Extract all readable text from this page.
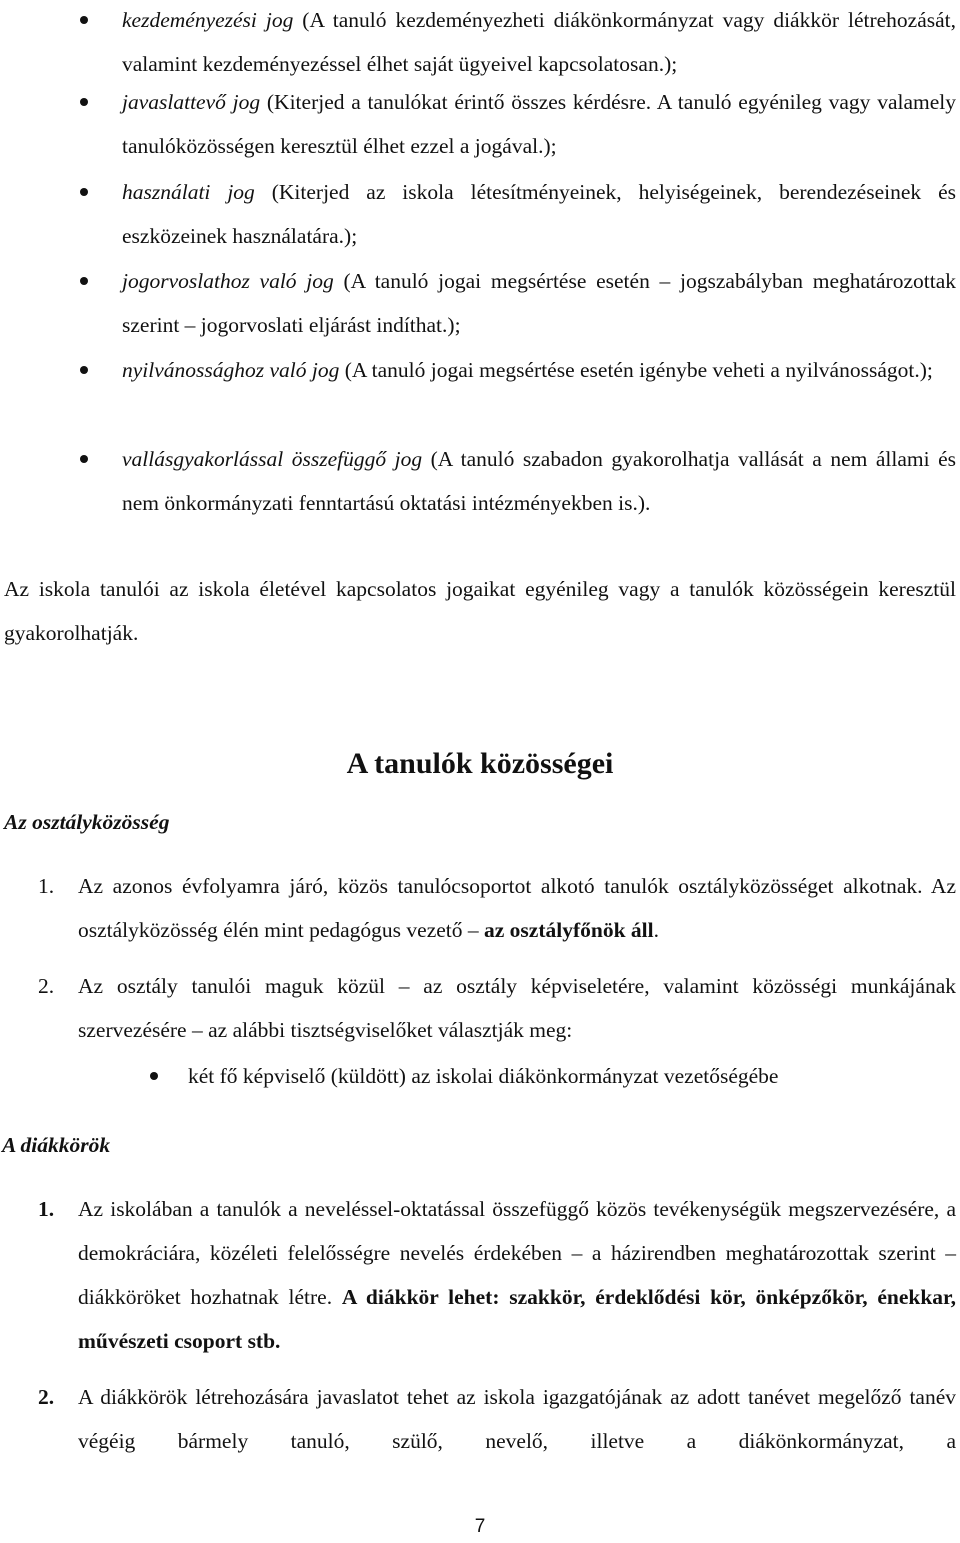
kezdeményezési jog (A tanuló kezdeményezheti diákönkormányzat vagy diákkör létrehozását, valamint kezdeményezéssel élhet saját ügyeivel kapcsolatosan.);
javaslattevő jog (Kiterjed a tanulókat érintő összes kérdésre. A tanuló egyénileg vagy valamely tanulóközösségen keresztül élhet ezzel a jogával.);
használati jog (Kiterjed az iskola létesítményeinek, helyiségeinek, berendezéseinek és eszközeinek használatára.);
jogorvoslathoz való jog (A tanuló jogai megsértése esetén – jogszabályban meghatározottak szerint – jogorvoslati eljárást indíthat.);
nyilvánossághoz való jog (A tanuló jogai megsértése esetén igénybe veheti a nyilvánosságot.);
vallásgyakorlással összefüggő jog (A tanuló szabadon gyakorolhatja vallását a nem állami és nem önkormányzati fenntartású oktatási intézményekben is.).
Az iskola tanulói az iskola életével kapcsolatos jogaikat egyénileg vagy a tanulók közösségein keresztül gyakorolhatják.
A tanulók közösségei
Az osztályközösség
1. Az azonos évfolyamra járó, közös tanulócsoportot alkotó tanulók osztályközösséget alkotnak. Az osztályközösség élén mint pedagógus vezető – az osztályfőnök áll.
2. Az osztály tanulói maguk közül – az osztály képviseletére, valamint közösségi munkájának szervezésére – az alábbi tisztségviselőket választják meg:
két fő képviselő (küldött) az iskolai diákönkormányzat vezetőségébe
A diákkörök
1. Az iskolában a tanulók a neveléssel-oktatással összefüggő közös tevékenységük megszervezésére, a demokráciára, közéleti felelősségre nevelés érdekében – a házirendben meghatározottak szerint – diákköröket hozhatnak létre. A diákkör lehet: szakkör, érdeklődési kör, önképzőkör, énekkar, művészeti csoport stb.
2. A diákkörök létrehozására javaslatot tehet az iskola igazgatójának az adott tanévet megelőző tanév végéig bármely tanuló, szülő, nevelő, illetve a diákönkormányzat, a
7
